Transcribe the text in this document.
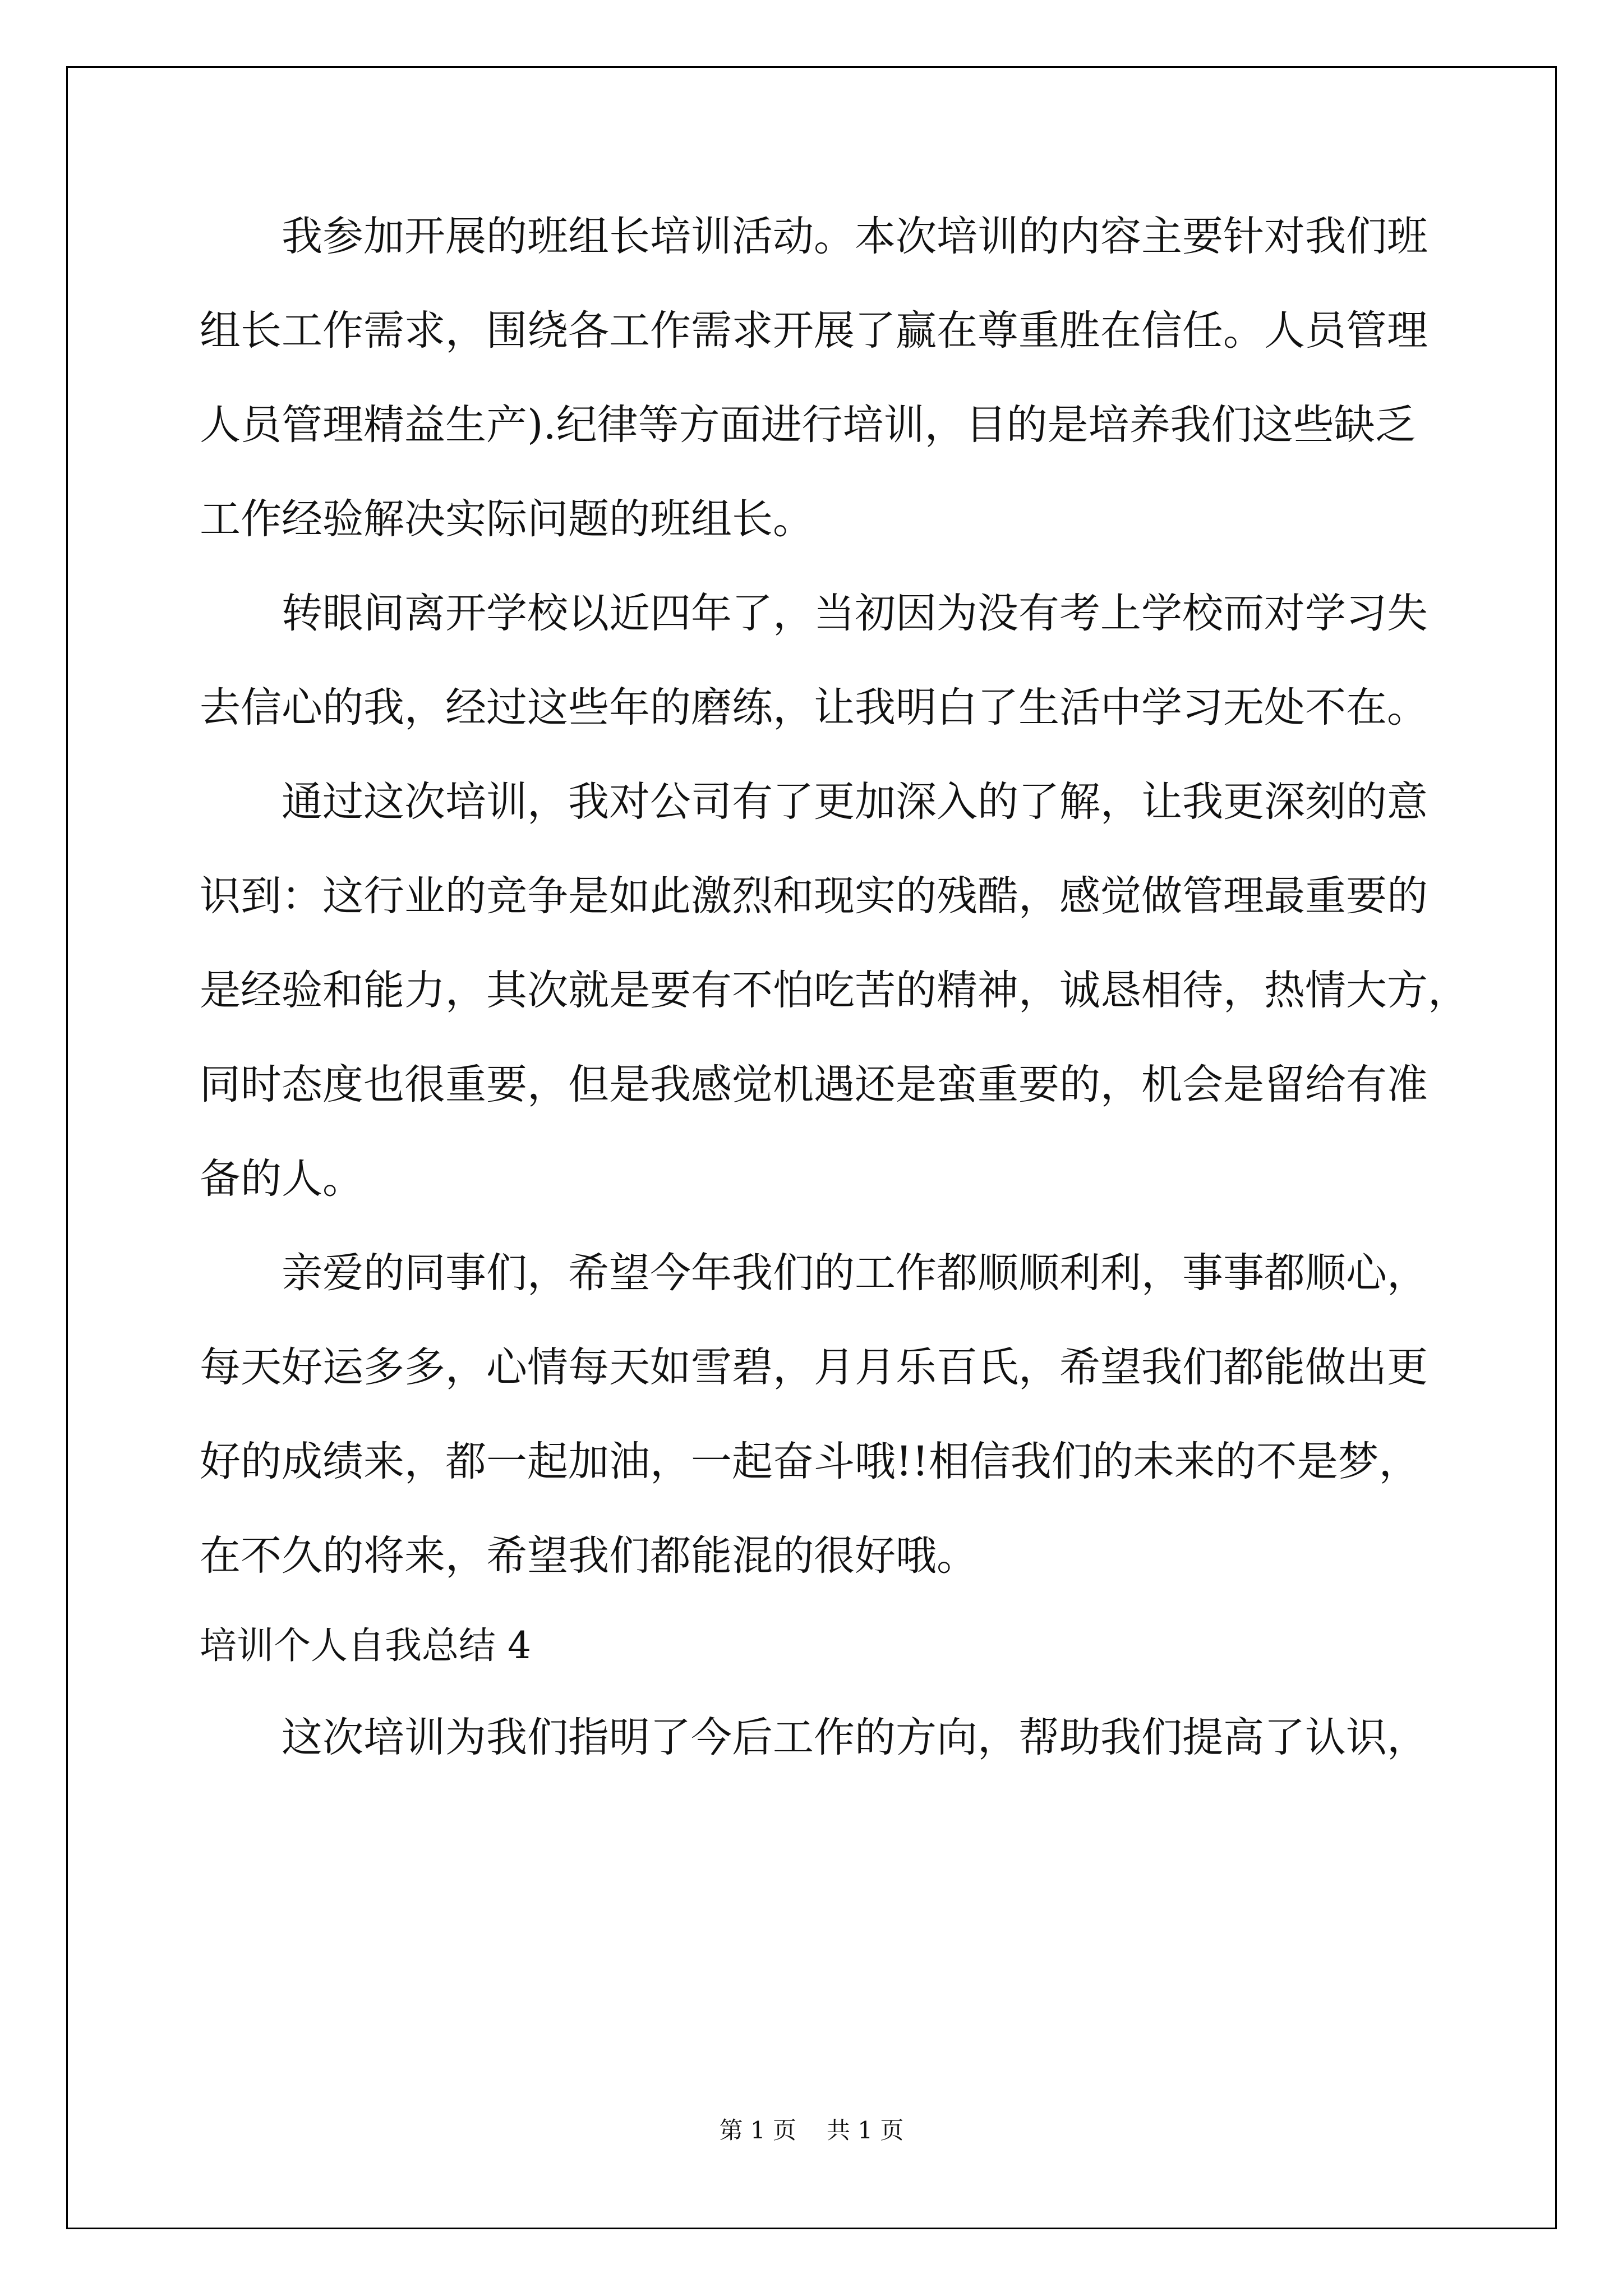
我参加开展的班组长培训活动。本次培训的内容主要针对我们班
组长工作需求，围绕各工作需求开展了赢在尊重胜在信任。人员管理
人员管理精益生产).纪律等方面进行培训，目的是培养我们这些缺乏
工作经验解决实际问题的班组长。
转眼间离开学校以近四年了，当初因为没有考上学校而对学习失
去信心的我，经过这些年的磨练，让我明白了生活中学习无处不在。
通过这次培训，我对公司有了更加深入的了解，让我更深刻的意
识到：这行业的竞争是如此激烈和现实的残酷，感觉做管理最重要的
是经验和能力，其次就是要有不怕吃苦的精神，诚恳相待，热情大方，
同时态度也很重要，但是我感觉机遇还是蛮重要的，机会是留给有准
备的人。
亲爱的同事们，希望今年我们的工作都顺顺利利，事事都顺心，
每天好运多多，心情每天如雪碧，月月乐百氏，希望我们都能做出更
好的成绩来，都一起加油，一起奋斗哦!!相信我们的未来的不是梦，
在不久的将来，希望我们都能混的很好哦。
培训个人自我总结 4
这次培训为我们指明了今后工作的方向，帮助我们提高了认识，
第 1 页 共 1 页
